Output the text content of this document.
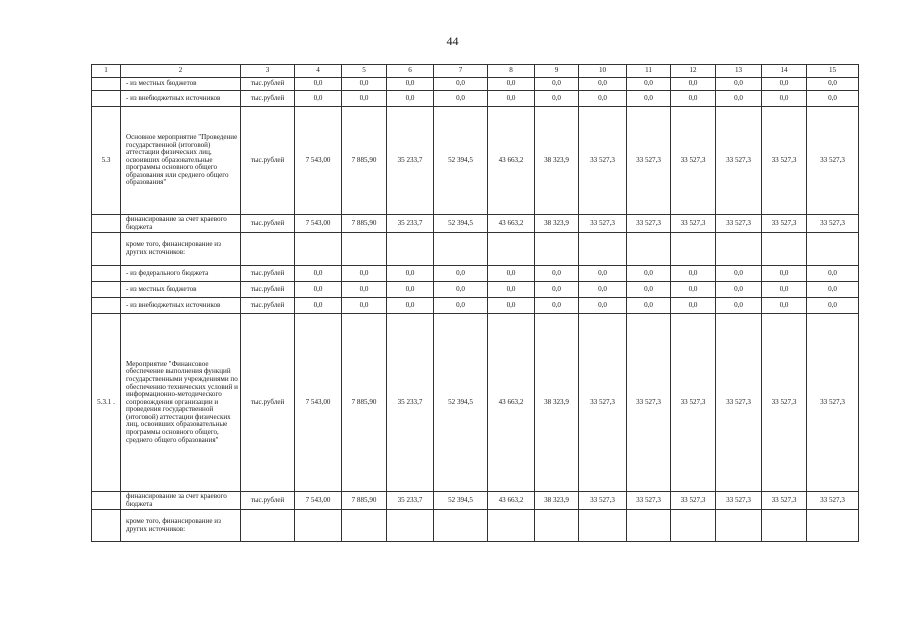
44
1	2	3	4	5	6	7	8	9	10	11	12	13	14	15
	- из местных бюджетов	тыс.рублей	0,0	0,0	0,0	0,0	0,0	0,0	0,0	0,0	0,0	0,0	0,0	0,0
	- из внебюджетных источников	тыс.рублей	0,0	0,0	0,0	0,0	0,0	0,0	0,0	0,0	0,0	0,0	0,0	0,0
5.3	Основное мероприятие "Проведение государственной (итоговой) аттестации физических лиц, освоивших образовательные программы основного общего образования или среднего общего образования"	тыс.рублей	7 543,00	7 885,90	35 233,7	52 394,5	43 663,2	38 323,9	33 527,3	33 527,3	33 527,3	33 527,3	33 527,3	33 527,3
	финансирование за счет краевого бюджета	тыс.рублей	7 543,00	7 885,90	35 233,7	52 394,5	43 663,2	38 323,9	33 527,3	33 527,3	33 527,3	33 527,3	33 527,3	33 527,3
	кроме того, финансирование из других источников:													
	- из федерального бюджета	тыс.рублей	0,0	0,0	0,0	0,0	0,0	0,0	0,0	0,0	0,0	0,0	0,0	0,0
	- из местных бюджетов	тыс.рублей	0,0	0,0	0,0	0,0	0,0	0,0	0,0	0,0	0,0	0,0	0,0	0,0
	- из внебюджетных источников	тыс.рублей	0,0	0,0	0,0	0,0	0,0	0,0	0,0	0,0	0,0	0,0	0,0	0,0
5.3.1 .	Мероприятие "Финансовое обеспечение выполнения функций государственными учреждениями по обеспечению технических условий и информационно-методического сопровождения организации и проведения государственной (итоговой) аттестации физических лиц, освоивших образовательные программы основного общего, среднего общего образования"	тыс.рублей	7 543,00	7 885,90	35 233,7	52 394,5	43 663,2	38 323,9	33 527,3	33 527,3	33 527,3	33 527,3	33 527,3	33 527,3
	финансирование за счет краевого бюджета	тыс.рублей	7 543,00	7 885,90	35 233,7	52 394,5	43 663,2	38 323,9	33 527,3	33 527,3	33 527,3	33 527,3	33 527,3	33 527,3
	кроме того, финансирование из других источников:													
